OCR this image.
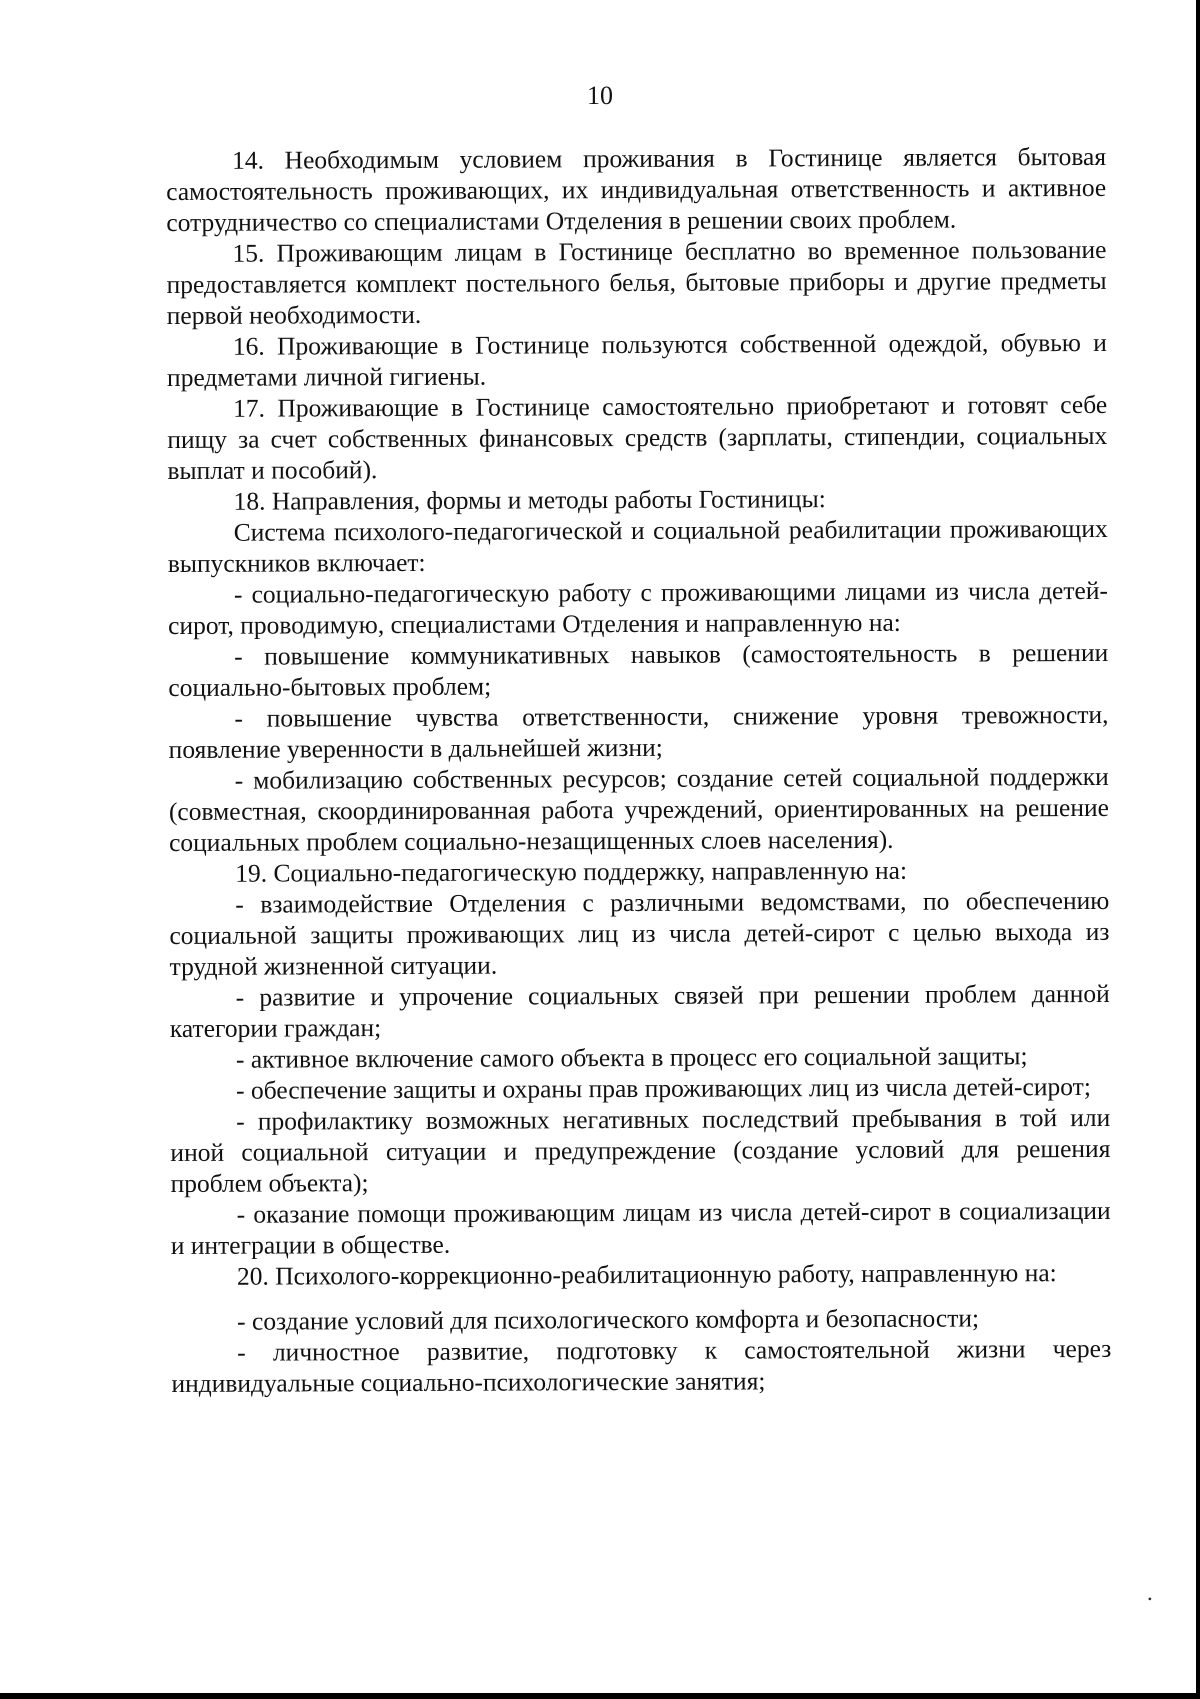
10

14. Необходимым условием проживания в Гостинице является бытовая самостоятельность проживающих, их индивидуальная ответственность и активное сотрудничество со специалистами Отделения в решении своих проблем.

15. Проживающим лицам в Гостинице бесплатно во временное пользование предоставляется комплект постельного белья, бытовые приборы и другие предметы первой необходимости.

16. Проживающие в Гостинице пользуются собственной одеждой, обувью и предметами личной гигиены.

17. Проживающие в Гостинице самостоятельно приобретают и готовят себе пищу за счет собственных финансовых средств (зарплаты, стипендии, социальных выплат и пособий).

18. Направления, формы и методы работы Гостиницы:

Система психолого-педагогической и социальной реабилитации проживающих выпускников включает:

- социально-педагогическую работу с проживающими лицами из числа детей-сирот, проводимую, специалистами Отделения и направленную на:

- повышение коммуникативных навыков (самостоятельность в решении социально-бытовых проблем;

- повышение чувства ответственности, снижение уровня тревожности, появление уверенности в дальнейшей жизни;

- мобилизацию собственных ресурсов; создание сетей социальной поддержки (совместная, скоординированная работа учреждений, ориентированных на решение социальных проблем социально-незащищенных слоев населения).

19. Социально-педагогическую поддержку, направленную на:

- взаимодействие Отделения с различными ведомствами, по обеспечению социальной защиты проживающих лиц из числа детей-сирот с целью выхода из трудной жизненной ситуации.

- развитие и упрочение социальных связей при решении проблем данной категории граждан;

- активное включение самого объекта в процесс его социальной защиты;

- обеспечение защиты и охраны прав проживающих лиц из числа детей-сирот;

- профилактику возможных негативных последствий пребывания в той или иной социальной ситуации и предупреждение (создание условий для решения проблем объекта);

- оказание помощи проживающим лицам из числа детей-сирот в социализации и интеграции в обществе.

20. Психолого-коррекционно-реабилитационную работу, направленную на:

- создание условий для психологического комфорта и безопасности;

- личностное развитие, подготовку к самостоятельной жизни через индивидуальные социально-психологические занятия;

•
